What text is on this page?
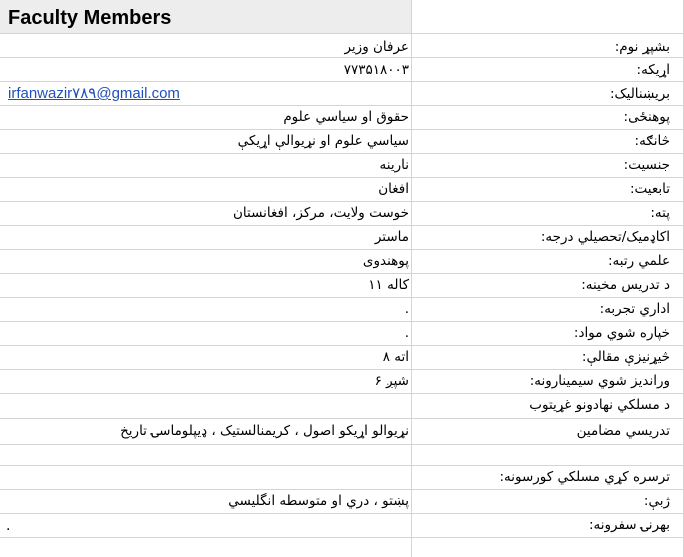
Faculty Members
irfanwazir۷۸۹@gmail.com
بشپړ نوم:
عرفان وزير
اړيکه:
۷۷۳۵۱۸۰۰۳
بريښناليک:
پوهنځی:
حقوق او سياسي علوم
څانګه:
سياسي علوم او نړيوالې اړيکې
جنسيت:
نارينه
تابعيت:
افغان
پته:
خوست ولايت، مرکز، افغانستان
اکاډميک/تحصيلي درجه:
ماستر
علمي رتبه:
پوهندوی
د تدريس مخينه:
کاله ۱۱
اداري تجربه:
.
خپاره شوي مواد:
.
څيړنيزې مقالې:
اته ۸
ورانديز شوي سيمينارونه:
شپږ ۶
د مسلکي نهادونو غړيتوب
تدريسي مضامين
نړيوالو اړيکو اصول ، کريمنالستيک ، ډيپلوماسۍ تاريخ
ترسره کړي مسلکي کورسونه:
ژبې:
پښتو ، دري او متوسطه انگليسي
بهرنۍ سفرونه:
.
